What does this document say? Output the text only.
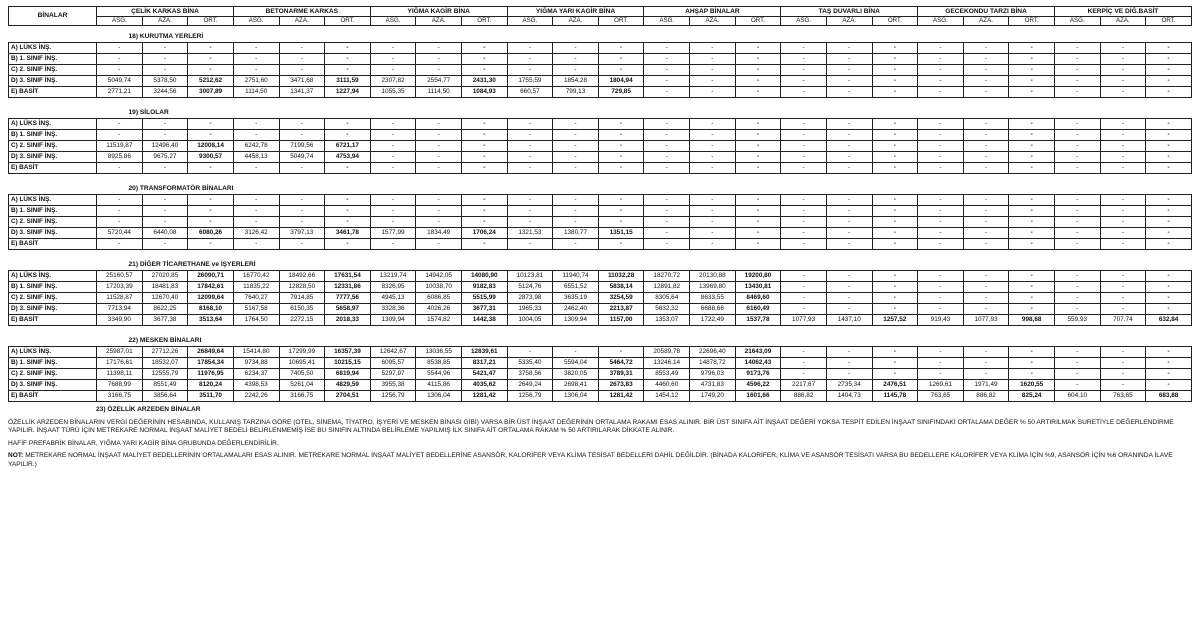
BİNALAR	ÇELİK KARKAS BİNA			BETONARME KARKAS			YIĞMA KAGİR BİNA			YIĞMA YARI KAGİR BİNA			AHŞAP BİNALAR			TAŞ DUVARLI BİNA			GECEKONDU TARZI BİNA			KERPİÇ VE DİĞ.BASİT		
	ASG.	AZA.	ORT.	ASG.	AZA.	ORT.	ASG.	AZA.	ORT.	ASG.	AZA.	ORT.	ASG.	AZA.	ORT.	ASG.	AZA.	ORT.	ASG.	AZA.	ORT.	ASG.	AZA.	ORT.

18) KURUTMA YERLERİ																								
A) LÜKS İNŞ.	-	-	-	-	-	-	-	-	-	-	-	-	-	-	-	-	-	-	-	-	-	-	-	-
B) 1. SINIF İNŞ.	-	-	-	-	-	-	-	-	-	-	-	-	-	-	-	-	-	-	-	-	-	-	-	-
C) 2. SINIF İNŞ.	-	-	-	-	-	-	-	-	-	-	-	-	-	-	-	-	-	-	-	-	-	-	-	-
D) 3. SINIF İNŞ.	5049,74	5378,50	5212,62	2751,60	3471,68	3111,59	2307,82	2554,77	2431,30	1755,59	1854,28	1804,94	-	-	-	-	-	-	-	-	-	-	-	-
E) BASİT	2771,21	3244,56	3007,89	1114,50	1341,37	1227,94	1055,35	1114,50	1084,93	660,57	799,13	729,85	-	-	-	-	-	-	-	-	-	-	-	-

19) SİLOLAR																								
A) LÜKS İNŞ.	-	-	-	-	-	-	-	-	-	-	-	-	-	-	-	-	-	-	-	-	-	-	-	-
B) 1. SINIF İNŞ.	-	-	-	-	-	-	-	-	-	-	-	-	-	-	-	-	-	-	-	-	-	-	-	-
C) 2. SINIF İNŞ.	11519,87	12496,40	12008,14	6242,78	7199,56	6721,17	-	-	-	-	-	-	-	-	-	-	-	-	-	-	-	-	-	-
D) 3. SINIF İNŞ.	8925,86	9675,27	9300,57	4458,13	5049,74	4753,94	-	-	-	-	-	-	-	-	-	-	-	-	-	-	-	-	-	-
E) BASİT	-	-	-	-	-	-	-	-	-	-	-	-	-	-	-	-	-	-	-	-	-	-	-	-

20) TRANSFORMATÖR BİNALARI																								
A) LÜKS İNŞ.	-	-	-	-	-	-	-	-	-	-	-	-	-	-	-	-	-	-	-	-	-	-	-	-
B) 1. SINIF İNŞ.	-	-	-	-	-	-	-	-	-	-	-	-	-	-	-	-	-	-	-	-	-	-	-	-
C) 2. SINIF İNŞ.	-	-	-	-	-	-	-	-	-	-	-	-	-	-	-	-	-	-	-	-	-	-	-	-
D) 3. SINIF İNŞ.	5720,44	6440,08	6080,26	3126,42	3797,13	3461,78	1577,99	1834,49	1706,24	1321,53	1380,77	1351,15	-	-	-	-	-	-	-	-	-	-	-	-
E) BASİT	-	-	-	-	-	-	-	-	-	-	-	-	-	-	-	-	-	-	-	-	-	-	-	-

21) DİĞER TİCARETHANE ve İŞYERLERİ																								
A) LÜKS İNŞ.	25160,57	27020,85	26090,71	16770,42	18492,66	17631,54	13219,74	14942,05	14080,90	10123,81	11940,74	11032,28	18270,72	20130,88	19200,80	-	-	-	-	-	-	-	-	-
B) 1. SINIF İNŞ.	17203,39	18481,83	17842,61	11835,22	12828,50	12331,86	8326,95	10038,70	9182,83	5124,76	6551,52	5838,14	12891,82	13969,80	13430,81	-	-	-	-	-	-	-	-	-
C) 2. SINIF İNŞ.	11528,87	12670,40	12099,64	7640,27	7914,85	7777,56	4945,13	6086,85	5515,99	2873,98	3635,19	3254,59	8305,64	8633,55	8469,60	-	-	-	-	-	-	-	-	-
D) 3. SINIF İNŞ.	7713,94	8622,25	8168,10	5167,58	6150,35	5658,97	3328,36	4026,26	3677,31	1965,33	2462,40	2213,87	5632,32	6688,66	6160,49	-	-	-	-	-	-	-	-	-
E) BASİT	3349,90	3677,38	3513,64	1764,50	2272,15	2018,33	1309,94	1574,82	1442,38	1004,05	1309,94	1157,00	1353,07	1722,49	1537,78	1077,93	1437,10	1257,52	919,43	1077,93	998,68	559,93	707,74	632,84

22) MESKEN BİNALARI																								
A) LÜKS İNŞ.	25987,01	27712,26	26849,64	15414,80	17299,99	16357,39	12642,67	13036,55	12839,61	-	-	-	20589,78	22696,40	21643,09	-	-	-	-	-	-	-	-	-
B) 1. SINIF İNŞ.	17176,61	18532,07	17854,34	9734,88	10695,41	10215,15	6095,57	8538,85	8317,21	5335,40	5594,04	5464,72	13246,14	14878,72	14062,43	-	-	-	-	-	-	-	-	-
C) 2. SINIF İNŞ.	11398,11	12555,79	11976,95	6234,37	7405,50	6819,94	5297,97	5544,96	5421,47	3758,56	3820,05	3789,31	8553,49	9796,03	9173,76	-	-	-	-	-	-	-	-	-
D) 3. SINIF İNŞ.	7688,99	8551,49	8120,24	4398,53	5261,04	4829,59	3955,38	4115,86	4035,62	2649,24	2698,41	2673,83	4460,60	4731,83	4596,22	2217,67	2735,34	2476,51	1269,61	1971,49	1620,55	-	-	-
E) BASİT	3166,75	3856,64	3511,70	2242,26	3166,75	2704,51	1256,79	1306,04	1281,42	1256,79	1306,04	1281,42	1454,12	1749,20	1601,66	886,82	1404,73	1145,78	763,65	886,82	825,24	604,10	763,65	683,88

23) ÖZELLİK ARZEDEN BİNALAR

ÖZELLİK ARZEDEN BİNALARIN VERGİ DEĞERİNİN HESABINDA, KULLANIŞ TARZINA GÖRE (OTEL, SİNEMA, TİYATRO, İŞYERİ VE MESKEN BİNASI GİBİ) VARSA BİR ÜST İNŞAAT DEĞERİNİN ORTALAMA RAKAMI ESAS ALINIR. BİR ÜST SINIFA AİT İNŞAAT DEĞERİ YOKSA TESPİT EDİLEN İNŞAAT SINIFINDAKİ ORTALAMA DEĞER % 50 ARTIRILMAK SURETİYLE DEĞERLENDİRME YAPILIR. İNŞAAT TÜRÜ İÇİN METREKARE NORMAL İNŞAAT MALİYET BEDELİ BELİRLENMEMİŞ İSE BU SINIFIN ALTINDA BELİRLEME YAPILMIŞ İLK SINIFA AİT ORTALAMA RAKAM % 50 ARTIRILARAK DİKKATE ALINIR.

HAFİF PREFABRİK BİNALAR, YIĞMA YARI KAGİR BİNA GRUBUNDA DEĞERLENDİRİLİR.

NOT: METREKARE NORMAL İNŞAAT MALİYET BEDELLERİNİN ORTALAMALARI ESAS ALINIR. METREKARE NORMAL İNŞAAT MALİYET BEDELLERİNE ASANSÖR, KALORİFER VEYA KLİMA TESİSAT BEDELLERİ DAHİL DEĞİLDİR. (BİNADA KALORİFER, KLİMA VE ASANSÖR TESİSATI VARSA BU BEDELLERE KALORİFER VEYA KLİMA İÇİN %9, ASANSÖR İÇİN %6 ORANINDA İLAVE YAPILIR.)
